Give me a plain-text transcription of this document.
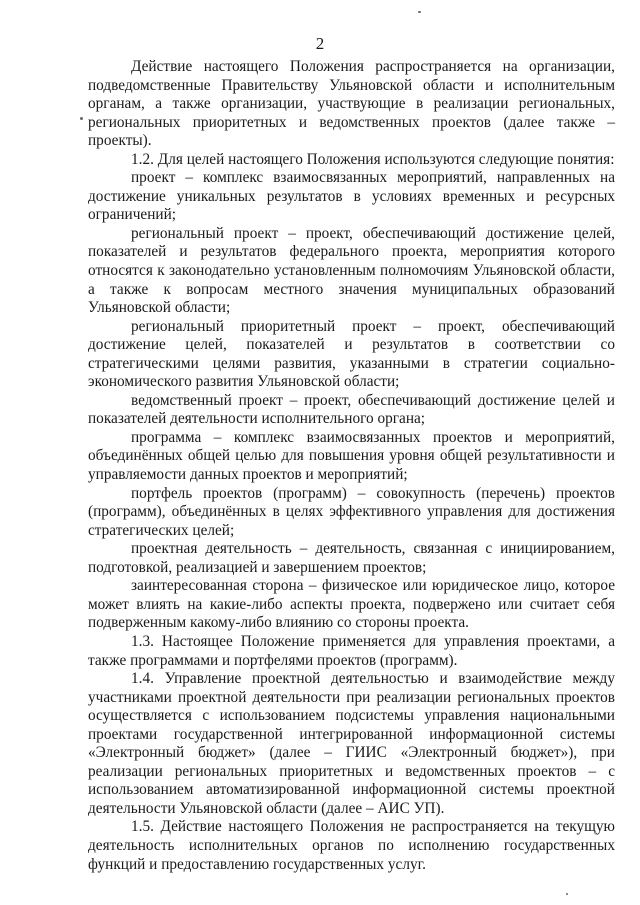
2

Действие настоящего Положения распространяется на организации, подведомственные Правительству Ульяновской области и исполнительным органам, а также организации, участвующие в реализации региональных, региональных приоритетных и ведомственных проектов (далее также – проекты).

1.2. Для целей настоящего Положения используются следующие понятия:

проект – комплекс взаимосвязанных мероприятий, направленных на достижение уникальных результатов в условиях временных и ресурсных ограничений;

региональный проект – проект, обеспечивающий достижение целей, показателей и результатов федерального проекта, мероприятия которого относятся к законодательно установленным полномочиям Ульяновской области, а также к вопросам местного значения муниципальных образований Ульяновской области;

региональный приоритетный проект – проект, обеспечивающий достижение целей, показателей и результатов в соответствии со стратегическими целями развития, указанными в стратегии социально-экономического развития Ульяновской области;

ведомственный проект – проект, обеспечивающий достижение целей и показателей деятельности исполнительного органа;

программа – комплекс взаимосвязанных проектов и мероприятий, объединённых общей целью для повышения уровня общей результативности и управляемости данных проектов и мероприятий;

портфель проектов (программ) – совокупность (перечень) проектов (программ), объединённых в целях эффективного управления для достижения стратегических целей;

проектная деятельность – деятельность, связанная с инициированием, подготовкой, реализацией и завершением проектов;

заинтересованная сторона – физическое или юридическое лицо, которое может влиять на какие-либо аспекты проекта, подвержено или считает себя подверженным какому-либо влиянию со стороны проекта.

1.3. Настоящее Положение применяется для управления проектами, а также программами и портфелями проектов (программ).

1.4. Управление проектной деятельностью и взаимодействие между участниками проектной деятельности при реализации региональных проектов осуществляется с использованием подсистемы управления национальными проектами государственной интегрированной информационной системы «Электронный бюджет» (далее – ГИИС «Электронный бюджет»), при реализации региональных приоритетных и ведомственных проектов – с использованием автоматизированной информационной системы проектной деятельности Ульяновской области (далее – АИС УП).

1.5. Действие настоящего Положения не распространяется на текущую деятельность исполнительных органов по исполнению государственных функций и предоставлению государственных услуг.
